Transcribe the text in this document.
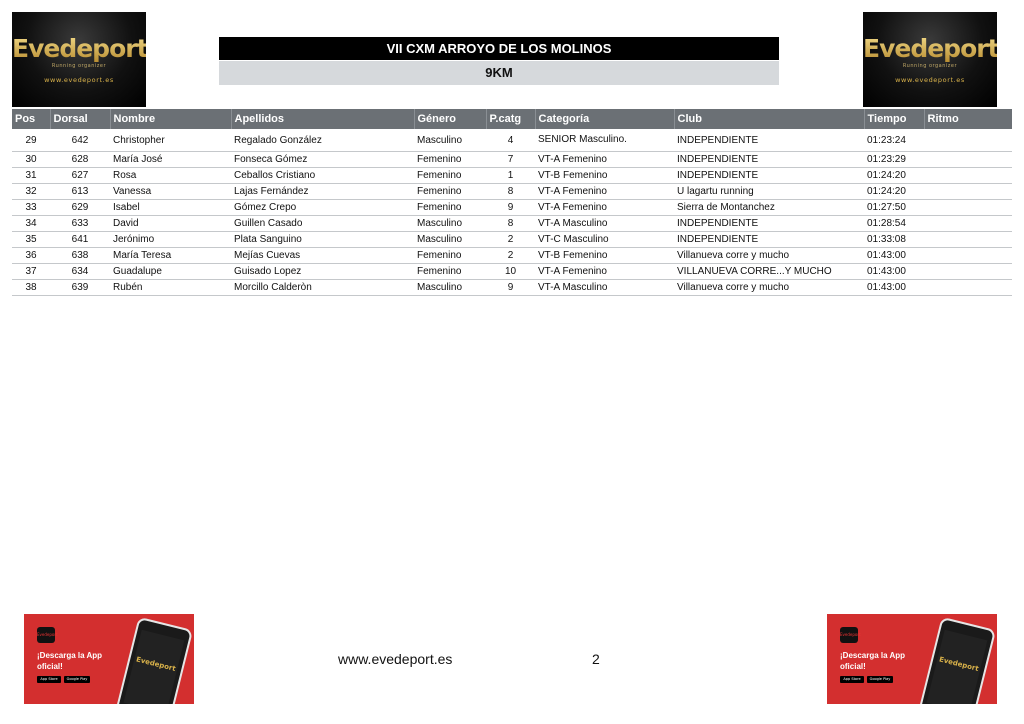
Evedeport
Running organizer
www.evedeport.es
Evedeport
Running organizer
www.evedeport.es
VII CXM ARROYO DE LOS MOLINOS
9KM
Pos	Dorsal	Nombre	Apellidos	Género	P.catg	Categoría	Club	Tiempo	Ritmo
29	642	Christopher	Regalado González	Masculino	4	SENIOR Masculino.	INDEPENDIENTE	01:23:24	
30	628	María José	Fonseca Gómez	Femenino	7	VT-A Femenino	INDEPENDIENTE	01:23:29	
31	627	Rosa	Ceballos Cristiano	Femenino	1	VT-B Femenino	INDEPENDIENTE	01:24:20	
32	613	Vanessa	Lajas Fernández	Femenino	8	VT-A Femenino	U lagartu running	01:24:20	
33	629	Isabel	Gómez Crepo	Femenino	9	VT-A Femenino	Sierra de Montanchez	01:27:50	
34	633	David	Guillen Casado	Masculino	8	VT-A Masculino	INDEPENDIENTE	01:28:54	
35	641	Jerónimo	Plata Sanguino	Masculino	2	VT-C Masculino	INDEPENDIENTE	01:33:08	
36	638	María Teresa	Mejías Cuevas	Femenino	2	VT-B Femenino	Villanueva corre y mucho	01:43:00	
37	634	Guadalupe	Guisado Lopez	Femenino	10	VT-A Femenino	VILLANUEVA CORRE...Y MUCHO	01:43:00	
38	639	Rubén	Morcillo Calderòn	Masculino	9	VT-A Masculino	Villanueva corre y mucho	01:43:00	
Evedeport
¡Descarga la App oficial!
App Store	Google Play
Evedeport
Evedeport
¡Descarga la App oficial!
App Store	Google Play
Evedeport
www.evedeport.es	2
